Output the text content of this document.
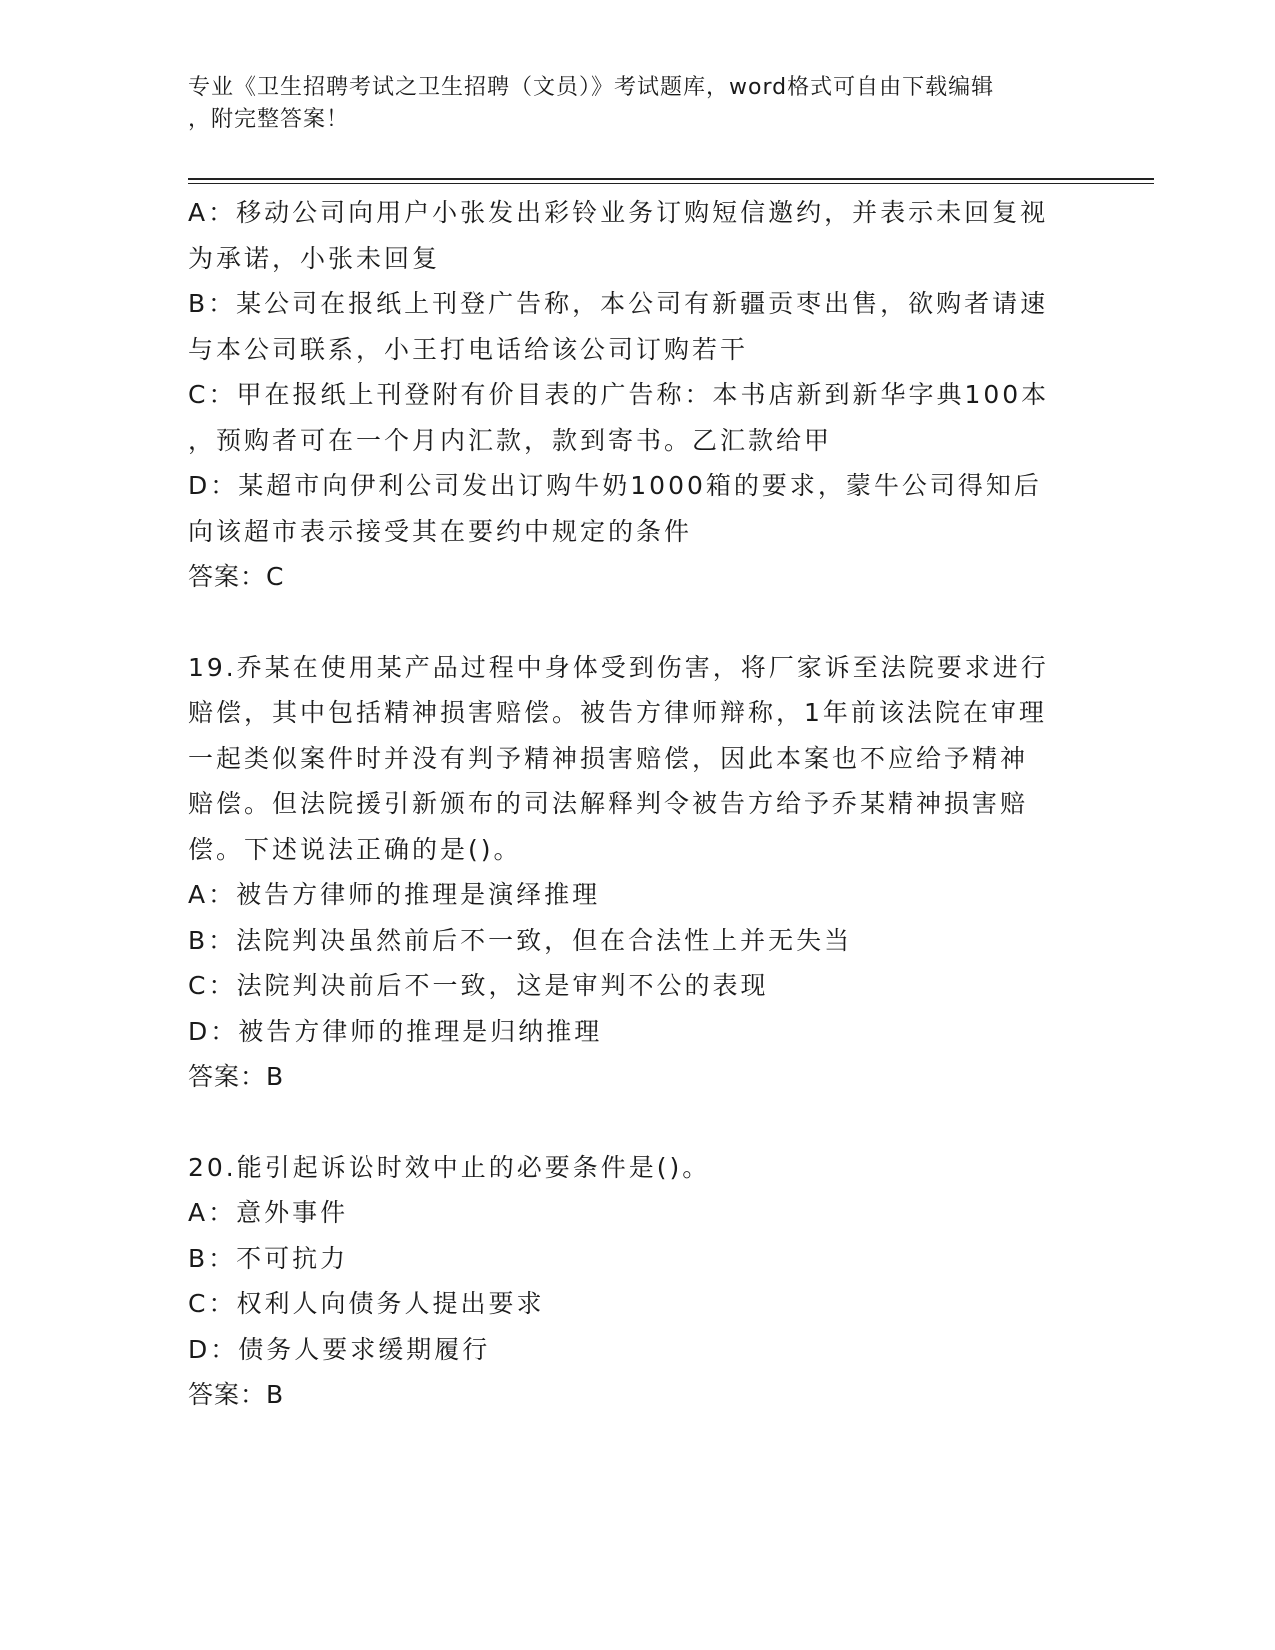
专业《卫生招聘考试之卫生招聘（文员）》考试题库，word格式可自由下载编辑
，附完整答案！
A：移动公司向用户小张发出彩铃业务订购短信邀约，并表示未回复视
为承诺，小张未回复
B：某公司在报纸上刊登广告称，本公司有新疆贡枣出售，欲购者请速
与本公司联系，小王打电话给该公司订购若干
C：甲在报纸上刊登附有价目表的广告称：本书店新到新华字典100本
，预购者可在一个月内汇款，款到寄书。乙汇款给甲
D：某超市向伊利公司发出订购牛奶1000箱的要求，蒙牛公司得知后
向该超市表示接受其在要约中规定的条件
答案：C
19.乔某在使用某产品过程中身体受到伤害，将厂家诉至法院要求进行
赔偿，其中包括精神损害赔偿。被告方律师辩称，1年前该法院在审理
一起类似案件时并没有判予精神损害赔偿，因此本案也不应给予精神
赔偿。但法院援引新颁布的司法解释判令被告方给予乔某精神损害赔
偿。下述说法正确的是()。
A：被告方律师的推理是演绎推理
B：法院判决虽然前后不一致，但在合法性上并无失当
C：法院判决前后不一致，这是审判不公的表现
D：被告方律师的推理是归纳推理
答案：B
20.能引起诉讼时效中止的必要条件是()。
A：意外事件
B：不可抗力
C：权利人向债务人提出要求
D：债务人要求缓期履行
答案：B
